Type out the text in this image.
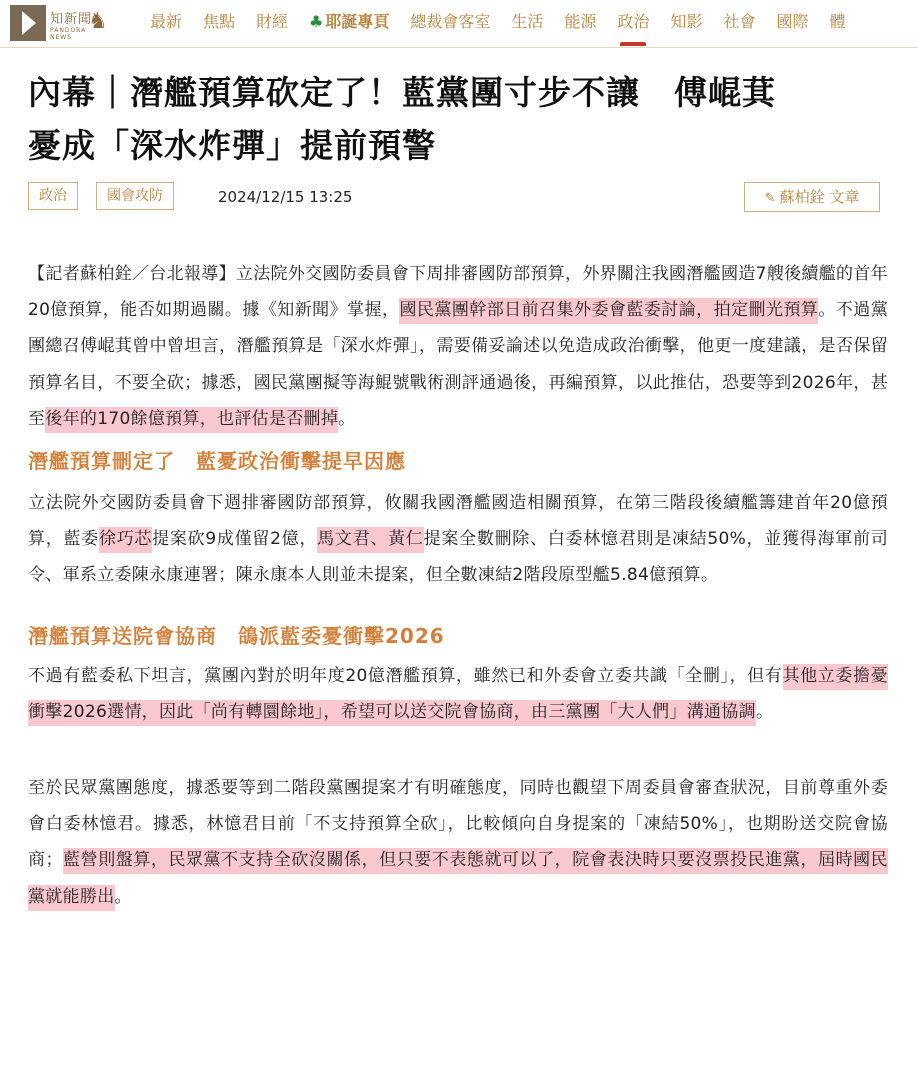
知新聞
PANDORA NEWS
♞	最新 焦點 財經 ♣ 耶誕專頁 總裁會客室 生活 能源 政治 知影 社會 國際 體
內幕｜潛艦預算砍定了！藍黨團寸步不讓　傅崐萁
憂成「深水炸彈」提前預警
政治	國會攻防	2024/12/15 13:25	✎ 蘇柏銓 文章

【記者蘇柏銓／台北報導】立法院外交國防委員會下周排審國防部預算，外界關注我國潛艦國造7艘後續艦的首年20億預算，能否如期過關。據《知新聞》掌握，國民黨團幹部日前召集外委會藍委討論，拍定刪光預算。不過黨團總召傅崐萁曾中曾坦言，潛艦預算是「深水炸彈」，需要備妥論述以免造成政治衝擊，他更一度建議，是否保留預算名目，不要全砍；據悉，國民黨團擬等海鯤號戰術測評通過後，再編預算，以此推估，恐要等到2026年，甚至後年的170餘億預算，也評估是否刪掉。

潛艦預算刪定了　藍憂政治衝擊提早因應

立法院外交國防委員會下週排審國防部預算，攸關我國潛艦國造相關預算，在第三階段後續艦籌建首年20億預算，藍委徐巧芯提案砍9成僅留2億，馬文君、黃仁提案全數刪除、白委林憶君則是凍結50%，並獲得海軍前司令、軍系立委陳永康連署；陳永康本人則並未提案，但全數凍結2階段原型艦5.84億預算。

潛艦預算送院會協商　鴿派藍委憂衝擊2026

不過有藍委私下坦言，黨團內對於明年度20億潛艦預算，雖然已和外委會立委共識「全刪」，但有其他立委擔憂衝擊2026選情，因此「尚有轉圜餘地」，希望可以送交院會協商，由三黨團「大人們」溝通協調。

至於民眾黨團態度，據悉要等到二階段黨團提案才有明確態度，同時也觀望下周委員會審查狀況，目前尊重外委會白委林憶君。據悉，林憶君目前「不支持預算全砍」，比較傾向自身提案的「凍結50%」，也期盼送交院會協商；藍營則盤算，民眾黨不支持全砍沒關係，但只要不表態就可以了，院會表決時只要沒票投民進黨，屆時國民黨就能勝出。
